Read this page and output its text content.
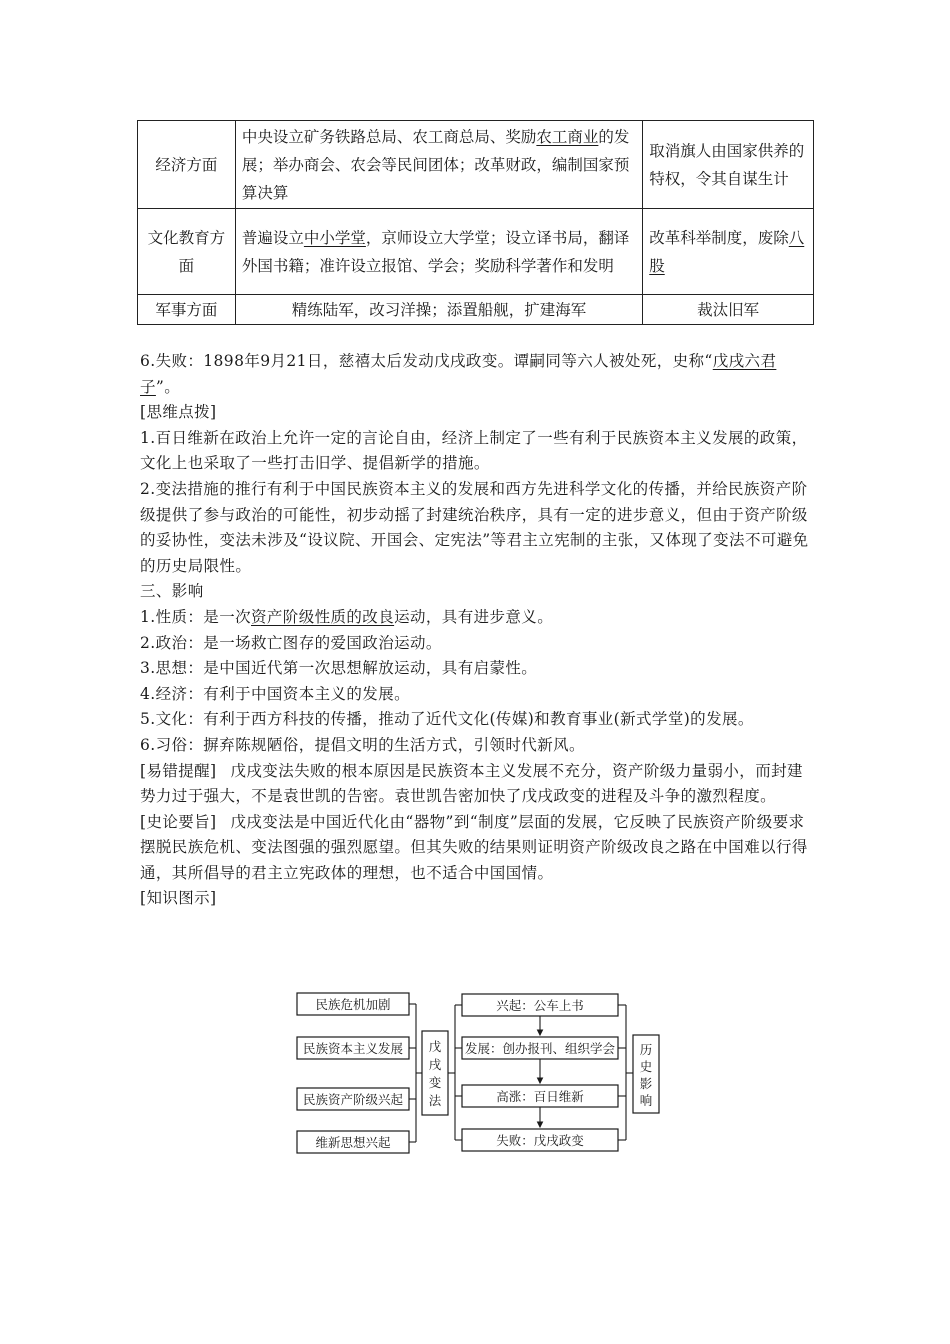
经济方面	中央设立矿务铁路总局、农工商总局、奖励农工商业的发展；举办商会、农会等民间团体；改革财政，编制国家预算决算	取消旗人由国家供养的特权，令其自谋生计
文化教育方面	普遍设立中小学堂，京师设立大学堂；设立译书局，翻译外国书籍；准许设立报馆、学会；奖励科学著作和发明	改革科举制度，废除八股
军事方面	精练陆军，改习洋操；添置船舰，扩建海军	裁汰旧军

6.失败：1898年9月21日，慈禧太后发动戊戌政变。谭嗣同等六人被处死，史称“戊戌六君子”。

[思维点拨]

1.百日维新在政治上允许一定的言论自由，经济上制定了一些有利于民族资本主义发展的政策，文化上也采取了一些打击旧学、提倡新学的措施。

2.变法措施的推行有利于中国民族资本主义的发展和西方先进科学文化的传播，并给民族资产阶级提供了参与政治的可能性，初步动摇了封建统治秩序，具有一定的进步意义，但由于资产阶级的妥协性，变法未涉及“设议院、开国会、定宪法”等君主立宪制的主张，又体现了变法不可避免的历史局限性。

三、影响

1.性质：是一次资产阶级性质的改良运动，具有进步意义。

2.政治：是一场救亡图存的爱国政治运动。

3.思想：是中国近代第一次思想解放运动，具有启蒙性。

4.经济：有利于中国资本主义的发展。

5.文化：有利于西方科技的传播，推动了近代文化(传媒)和教育事业(新式学堂)的发展。

6.习俗：摒弃陈规陋俗，提倡文明的生活方式，引领时代新风。

[易错提醒] 戊戌变法失败的根本原因是民族资本主义发展不充分，资产阶级力量弱小，而封建势力过于强大，不是袁世凯的告密。袁世凯告密加快了戊戌政变的进程及斗争的激烈程度。

[史论要旨] 戊戌变法是中国近代化由“器物”到“制度”层面的发展，它反映了民族资产阶级要求摆脱民族危机、变法图强的强烈愿望。但其失败的结果则证明资产阶级改良之路在中国难以行得通，其所倡导的君主立宪政体的理想，也不适合中国国情。

[知识图示]

民族危机加剧
民族资本主义发展
民族资产阶级兴起
维新思想兴起
戊
戌
变
法
兴起：公车上书
发展：创办报刊、组织学会
高涨：百日维新
失败：戊戌政变
历
史
影
响
